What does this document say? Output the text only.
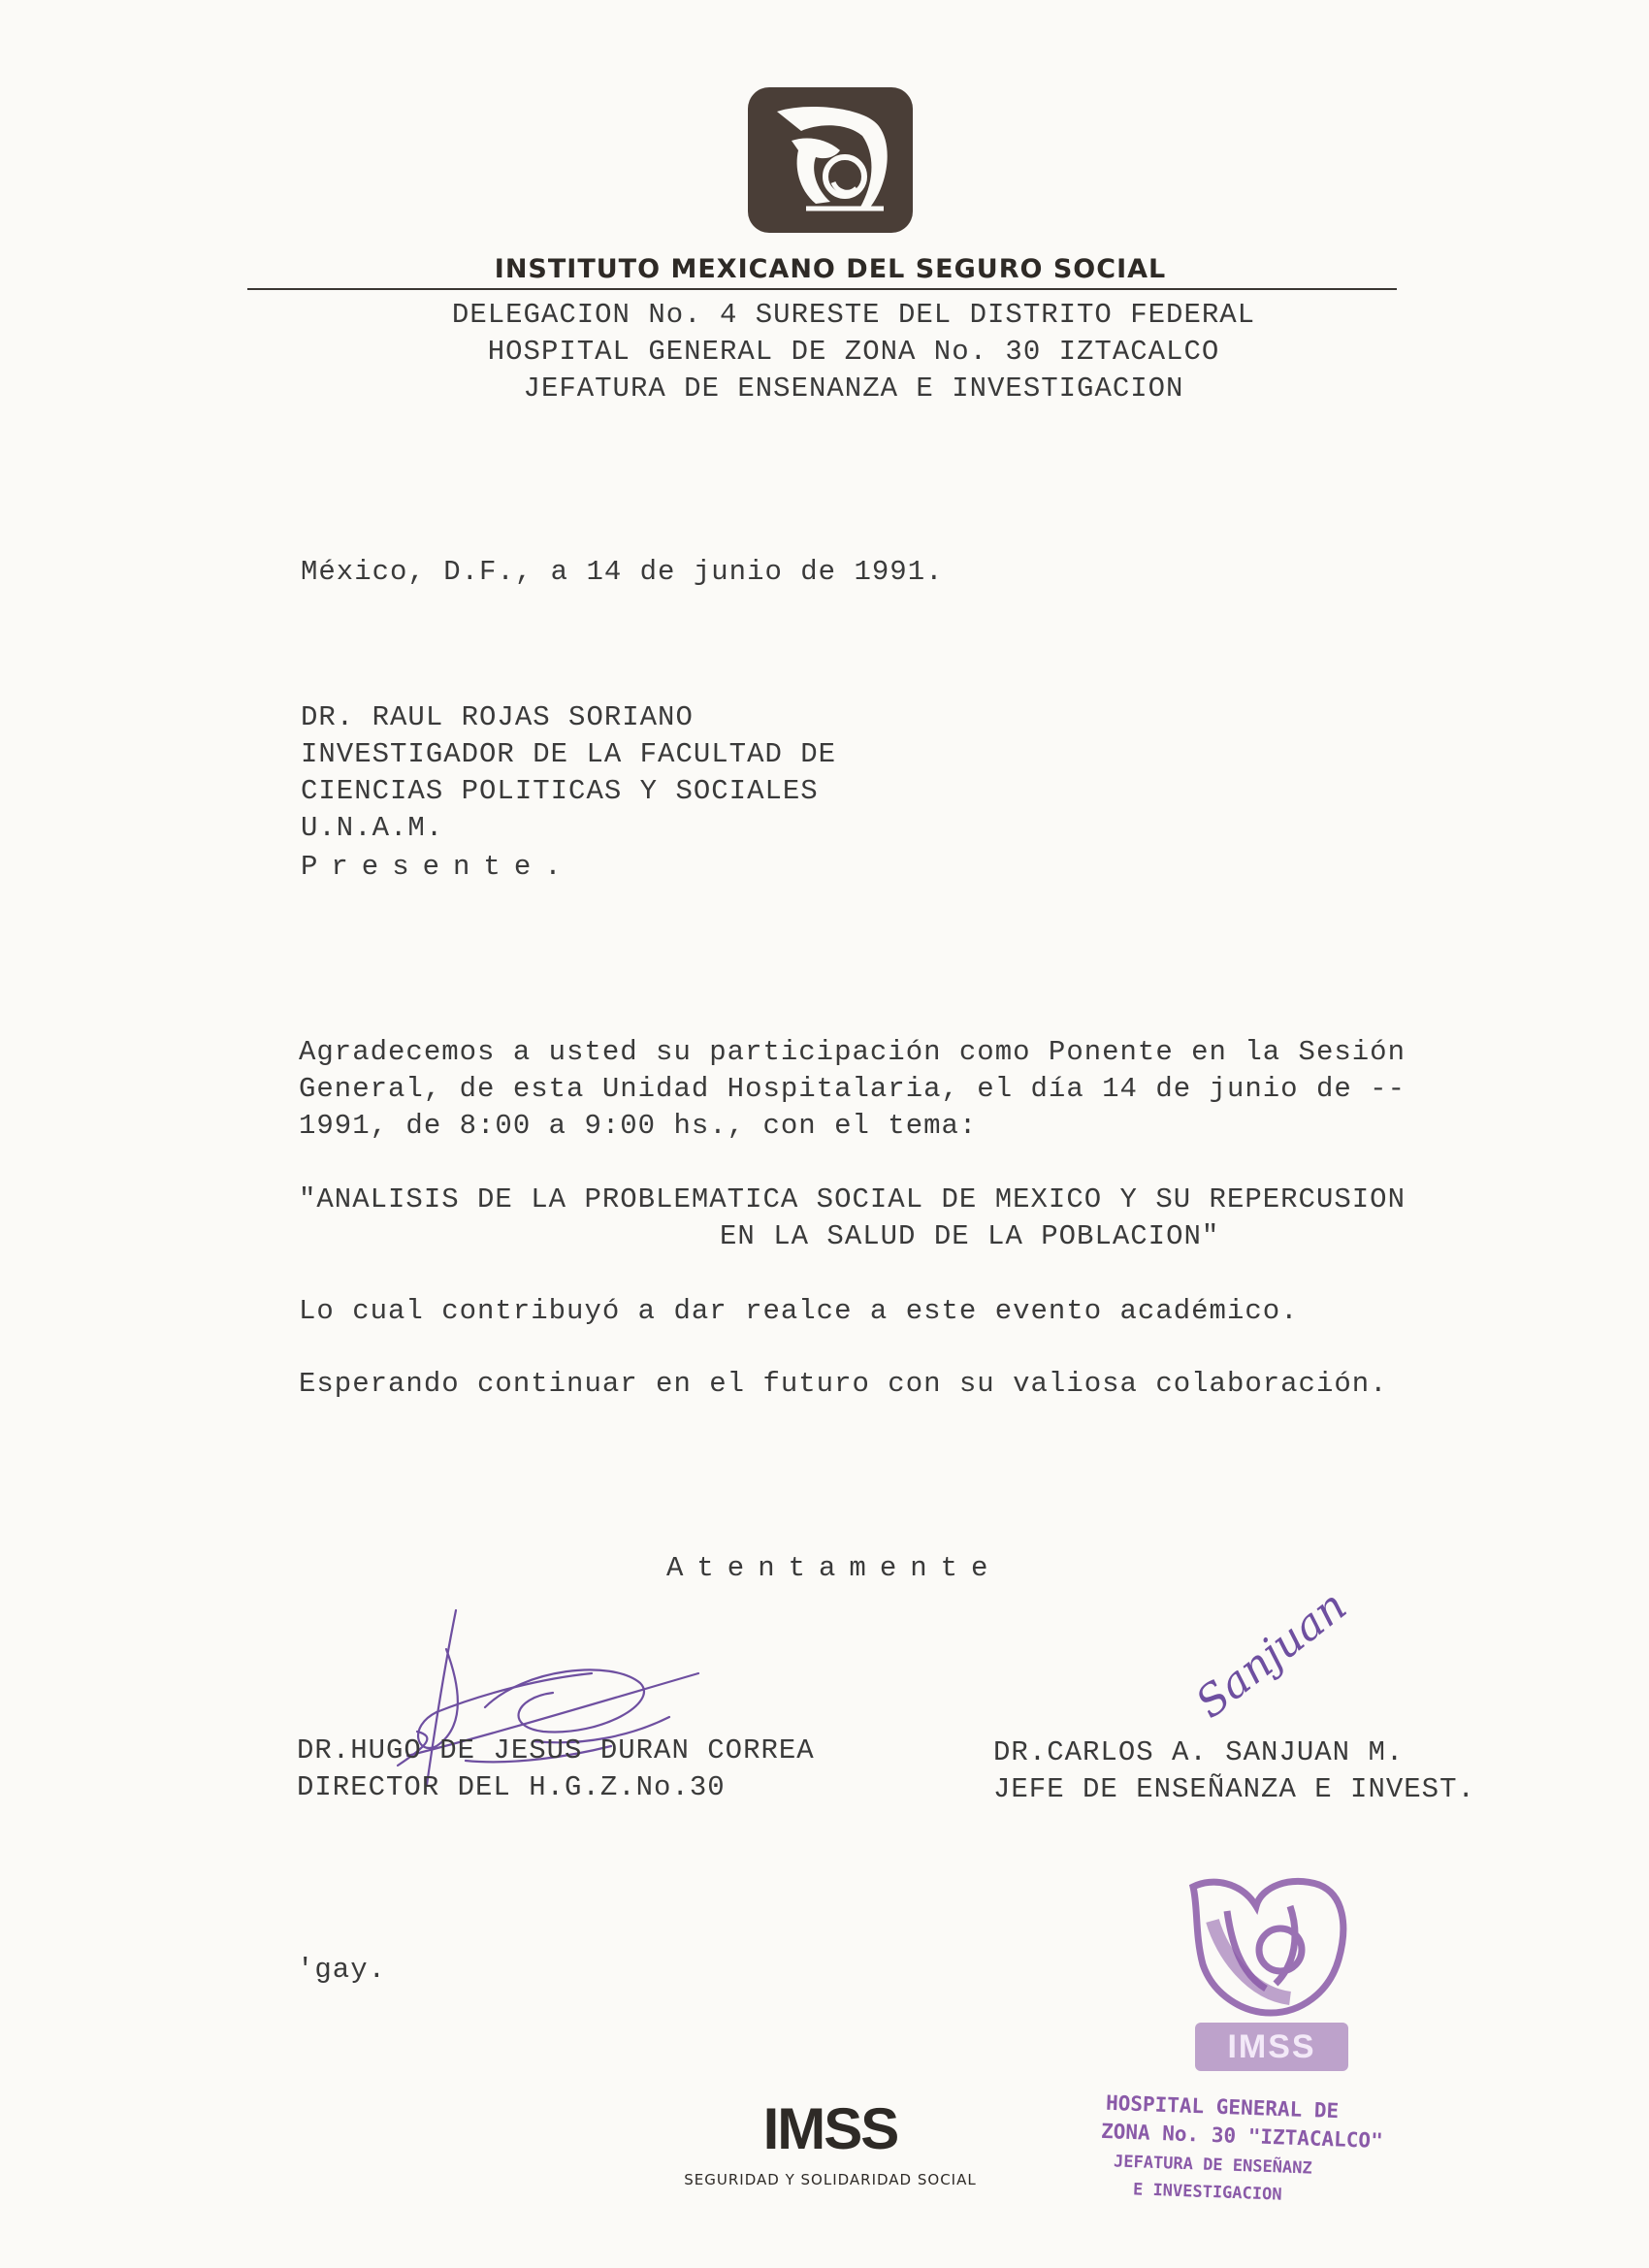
INSTITUTO MEXICANO DEL SEGURO SOCIAL
DELEGACION No. 4 SURESTE DEL DISTRITO FEDERAL
HOSPITAL GENERAL DE ZONA No. 30 IZTACALCO
JEFATURA DE ENSENANZA E INVESTIGACION
México, D.F., a 14 de junio de 1991.
DR. RAUL ROJAS SORIANO
INVESTIGADOR DE LA FACULTAD DE
CIENCIAS POLITICAS Y SOCIALES
U.N.A.M.
Presente.
Agradecemos a usted su participación como Ponente en la Sesión
General, de esta Unidad Hospitalaria, el día 14 de junio de --
1991, de 8:00 a 9:00 hs., con el tema:
"ANALISIS DE LA PROBLEMATICA SOCIAL DE MEXICO Y SU REPERCUSION
EN LA SALUD DE LA POBLACION"
Lo cual contribuyó a dar realce a este evento académico.
Esperando continuar en el futuro con su valiosa colaboración.
Atentamente
Sanjuan
DR.HUGO DE JESUS DURAN CORREA
DIRECTOR DEL H.G.Z.No.30
DR.CARLOS A. SANJUAN M.
JEFE DE ENSEÑANZA E INVEST.
'gay.
IMSS
HOSPITAL GENERAL DE
ZONA No. 30 "IZTACALCO"
JEFATURA DE ENSEÑANZ
E INVESTIGACION
IMSS
SEGURIDAD Y SOLIDARIDAD SOCIAL
